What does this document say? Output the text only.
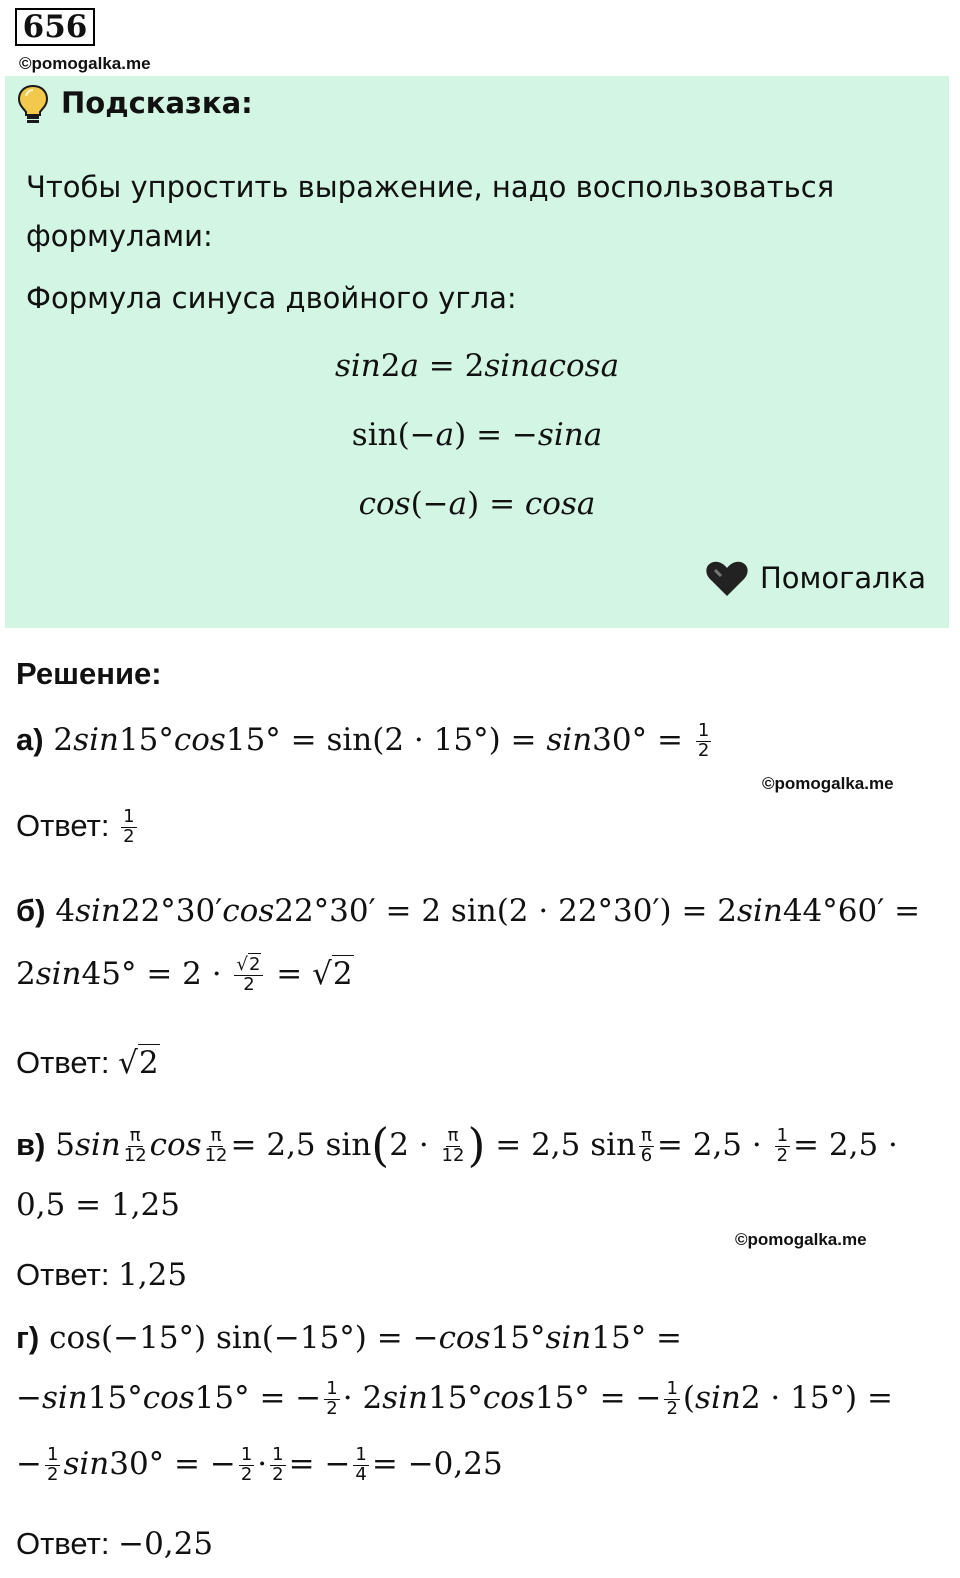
656
©pomogalka.me
Подсказка:
Чтобы упростить выражение, надо воспользоваться
формулами:
Формула синуса двойного угла:
sin2a = 2sinacosa
sin(−a) = −sina
cos(−a) = cosa
Помогалка
Решение:
а) $2\sin 15^\circ\cos 15^\circ = \sin(2 \cdot 15^\circ) = \sin 30^\circ = \frac{1}{2}$
©pomogalka.me
Ответ: $\frac{1}{2}$
б) 4sin22°30′cos22°30′ = 2 sin(2 · 22°30′) = 2sin44°60′ =
$2\sin 45^\circ = 2 \cdot \frac{√2}{2} = √2$
Ответ: √2
в) $5\sin \frac{\pi}{12}$ $\cos \frac{\pi}{12} = 2,5$ $\sin(2 \cdot \frac{\pi}{12}$ ) = 2,5 $\sin \frac{\pi}{6} = 2,5 \cdot \frac{1}{2} = 2,5$ ·
0,5 = 1,25
©pomogalka.me
Ответ: 1,25
г) cos(−15°) sin(−15°) = −cos15°sin15° =
−sin15°cos15° = − $\frac{1}{2} \cdot 2\sin 15^\circ\cos 15^\circ$ = − $\frac{1}{2} (\sin 2 \cdot 15^\circ)$ =
− $\frac{1}{2} \sin 30^\circ$ = − $\frac{1}{2} \cdot \frac{1}{2}$ = − $\frac{1}{4} = -0,25$
Ответ: −0,25
